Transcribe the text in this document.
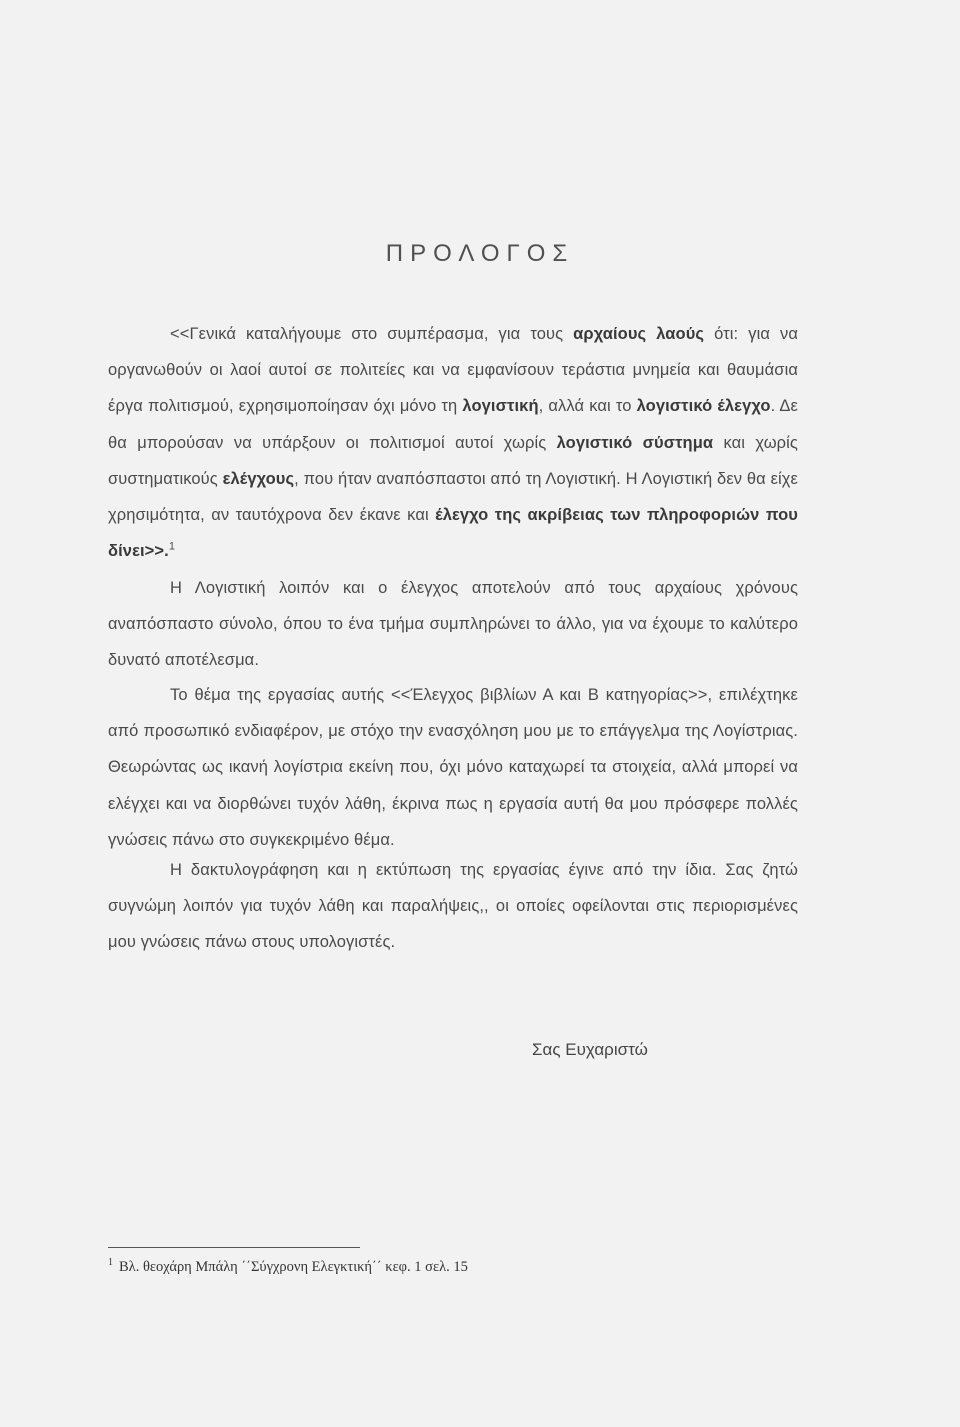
ΠΡΟΛΟΓΟΣ
<<Γενικά καταλήγουμε στο συμπέρασμα, για τους αρχαίους λαούς ότι: για να οργανωθούν οι λαοί αυτοί σε πολιτείες και να εμφανίσουν τεράστια μνημεία και θαυμάσια έργα πολιτισμού, εχρησιμοποίησαν όχι μόνο τη λογιστική, αλλά και το λογιστικό έλεγχο. Δε θα μπορούσαν να υπάρξουν οι πολιτισμοί αυτοί χωρίς λογιστικό σύστημα και χωρίς συστηματικούς ελέγχους, που ήταν αναπόσπαστοι από τη Λογιστική. Η Λογιστική δεν θα είχε χρησιμότητα, αν ταυτόχρονα δεν έκανε και έλεγχο της ακρίβειας των πληροφοριών που δίνει>>.$^1$
Η Λογιστική λοιπόν και ο έλεγχος αποτελούν από τους αρχαίους χρόνους αναπόσπαστο σύνολο, όπου το ένα τμήμα συμπληρώνει το άλλο, για να έχουμε το καλύτερο δυνατό αποτέλεσμα.
Το θέμα της εργασίας αυτής <<Έλεγχος βιβλίων Α και Β κατηγορίας>>, επιλέχτηκε από προσωπικό ενδιαφέρον, με στόχο την ενασχόληση μου με το επάγγελμα της Λογίστριας. Θεωρώντας ως ικανή λογίστρια εκείνη που, όχι μόνο καταχωρεί τα στοιχεία, αλλά μπορεί να ελέγχει και να διορθώνει τυχόν λάθη, έκρινα πως η εργασία αυτή θα μου πρόσφερε πολλές γνώσεις πάνω στο συγκεκριμένο θέμα.
Η δακτυλογράφηση και η εκτύπωση της εργασίας έγινε από την ίδια. Σας ζητώ συγνώμη λοιπόν για τυχόν λάθη και παραλήψεις,, οι οποίες οφείλονται στις περιορισμένες μου γνώσεις πάνω στους υπολογιστές.
Σας Ευχαριστώ
$^1$ Βλ. θεοχάρη Μπάλη ΄΄Σύγχρονη Ελεγκτική΄΄ κεφ. 1 σελ. 15
